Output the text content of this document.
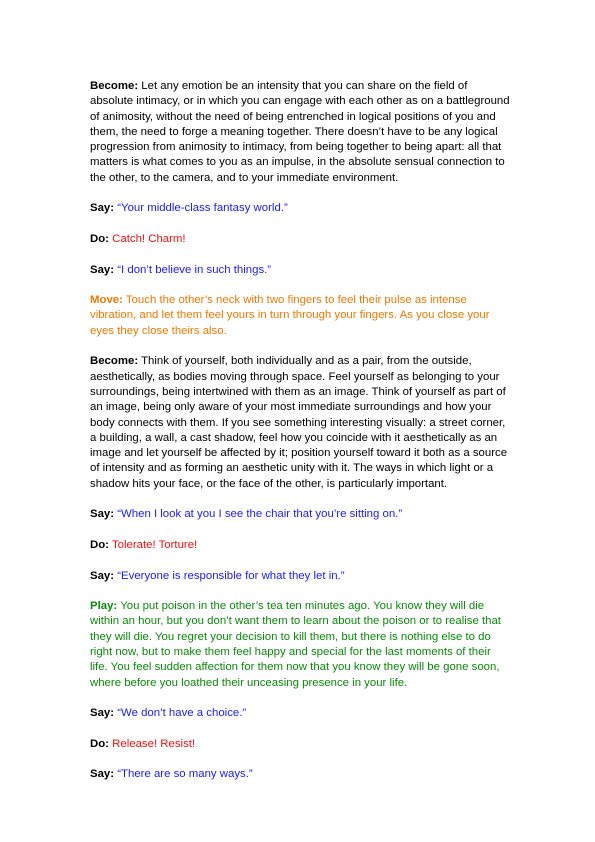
Become: Let any emotion be an intensity that you can share on the field of absolute intimacy, or in which you can engage with each other as on a battleground of animosity, without the need of being entrenched in logical positions of you and them, the need to forge a meaning together. There doesn’t have to be any logical progression from animosity to intimacy, from being together to being apart: all that matters is what comes to you as an impulse, in the absolute sensual connection to the other, to the camera, and to your immediate environment.

Say: “Your middle-class fantasy world.”

Do: Catch! Charm!

Say: “I don’t believe in such things.”

Move: Touch the other’s neck with two fingers to feel their pulse as intense vibration, and let them feel yours in turn through your fingers. As you close your eyes they close theirs also.

Become: Think of yourself, both individually and as a pair, from the outside, aesthetically, as bodies moving through space. Feel yourself as belonging to your surroundings, being intertwined with them as an image. Think of yourself as part of an image, being only aware of your most immediate surroundings and how your body connects with them. If you see something interesting visually: a street corner, a building, a wall, a cast shadow, feel how you coincide with it aesthetically as an image and let yourself be affected by it; position yourself toward it both as a source of intensity and as forming an aesthetic unity with it. The ways in which light or a shadow hits your face, or the face of the other, is particularly important.

Say: “When I look at you I see the chair that you’re sitting on.”

Do: Tolerate! Torture!

Say: “Everyone is responsible for what they let in.”

Play: You put poison in the other’s tea ten minutes ago. You know they will die within an hour, but you don’t want them to learn about the poison or to realise that they will die. You regret your decision to kill them, but there is nothing else to do right now, but to make them feel happy and special for the last moments of their life. You feel sudden affection for them now that you know they will be gone soon, where before you loathed their unceasing presence in your life.

Say: “We don’t have a choice.”

Do: Release! Resist!

Say: “There are so many ways.”
